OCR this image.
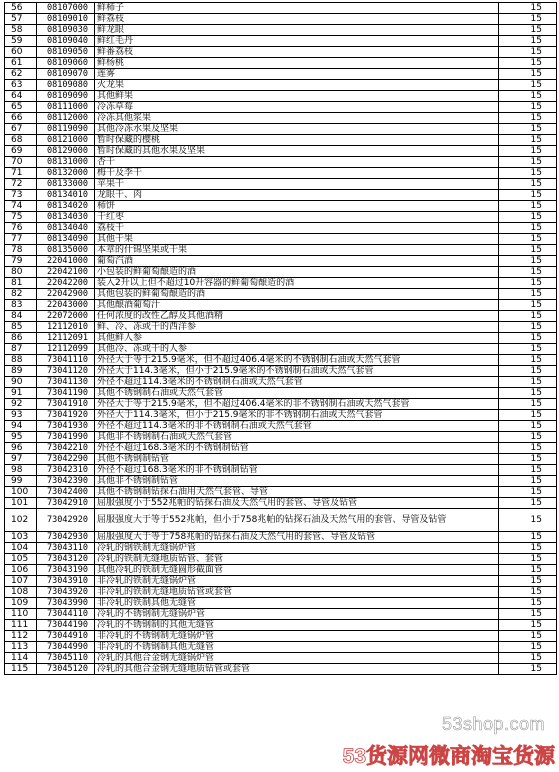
56	08107000	鲜柿子	15
57	08109010	鲜荔枝	15
58	08109030	鲜龙眼	15
59	08109040	鲜红毛丹	15
60	08109050	鲜番荔枝	15
61	08109060	鲜杨桃	15
62	08109070	莲雾	15
63	08109080	火龙果	15
64	08109090	其他鲜果	15
65	08111000	冷冻草莓	15
66	08112000	冷冻其他浆果	15
67	08119090	其他冷冻水果及坚果	15
68	08121000	暂时保藏的樱桃	15
69	08129000	暂时保藏的其他水果及坚果	15
70	08131000	杏干	15
71	08132000	梅干及李干	15
72	08133000	苹果干	15
73	08134010	龙眼干、肉	15
74	08134020	柿饼	15
75	08134030	干红枣	15
76	08134040	荔枝干	15
77	08134090	其他干果	15
78	08135000	本章的什锦坚果或干果	15
79	22041000	葡萄汽酒	15
80	22042100	小包装的鲜葡萄酿造的酒	15
81	22042200	装入2升以上但不超过10升容器的鲜葡萄酿造的酒	15
82	22042900	其他包装的鲜葡萄酿造的酒	15
83	22043000	其他酿酒葡萄汁	15
84	22072000	任何浓度的改性乙醇及其他酒精	15
85	12112010	鲜、冷、冻或干的西洋参	15
86	12112091	其他鲜人参	15
87	12112099	其他冷、冻或干的人参	15
88	73041110	外径大于等于215.9毫米，但不超过406.4毫米的不锈钢制石油或天然气套管	15
89	73041120	外径大于114.3毫米，但小于215.9毫米的不锈钢制石油或天然气套管	15
90	73041130	外径不超过114.3毫米的不锈钢制石油或天然气套管	15
91	73041190	其他不锈钢制石油或天然气套管	15
92	73041910	外径大于等于215.9毫米，但不超过406.4毫米的非不锈钢制石油或天然气套管	15
93	73041920	外径大于114.3毫米，但小于215.9毫米的非不锈钢制石油或天然气套管	15
94	73041930	外径不超过114.3毫米的非不锈钢制石油或天然气套管	15
95	73041990	其他非不锈钢制石油或天然气套管	15
96	73042210	外径不超过168.3毫米的不锈钢制钻管	15
97	73042290	其他不锈钢制钻管	15
98	73042310	外径不超过168.3毫米的非不锈钢制钻管	15
99	73042390	其他非不锈钢制钻管	15
100	73042400	其他不锈钢制钻探石油用天然气套管、导管	15
101	73042910	屈服强度小于552兆帕的钻探石油及天然气用的套管、导管及钻管	15
102	73042920	屈服强度大于等于552兆帕，但小于758兆帕的钻探石油及天然气用的套管、导管及钻管	15
103	73042930	屈服强度大于等于758兆帕的钻探石油及天然气用的套管、导管及钻管	15
104	73043110	冷轧的钢铁制无缝锅炉管	15
105	73043120	冷轧的铁制无缝地质钻管、套管	15
106	73043190	其他冷轧的铁制无缝圆形截面管	15
107	73043910	非冷轧的铁制无缝锅炉管	15
108	73043920	非冷轧的铁制无缝地质钻管或套管	15
109	73043990	非冷轧的铁制其他无缝管	15
110	73044110	冷轧的不锈钢制无缝锅炉管	15
111	73044190	冷轧的不锈钢制的其他无缝管	15
112	73044910	非冷轧的不锈钢制无缝锅炉管	15
113	73044990	非冷轧的不锈钢制其他无缝管	15
114	73045110	冷轧的其他合金钢无缝锅炉管	15
115	73045120	冷轧的其他合金钢无缝地质钻管或套管	15
53shop.com
53货源网微商淘宝货源
